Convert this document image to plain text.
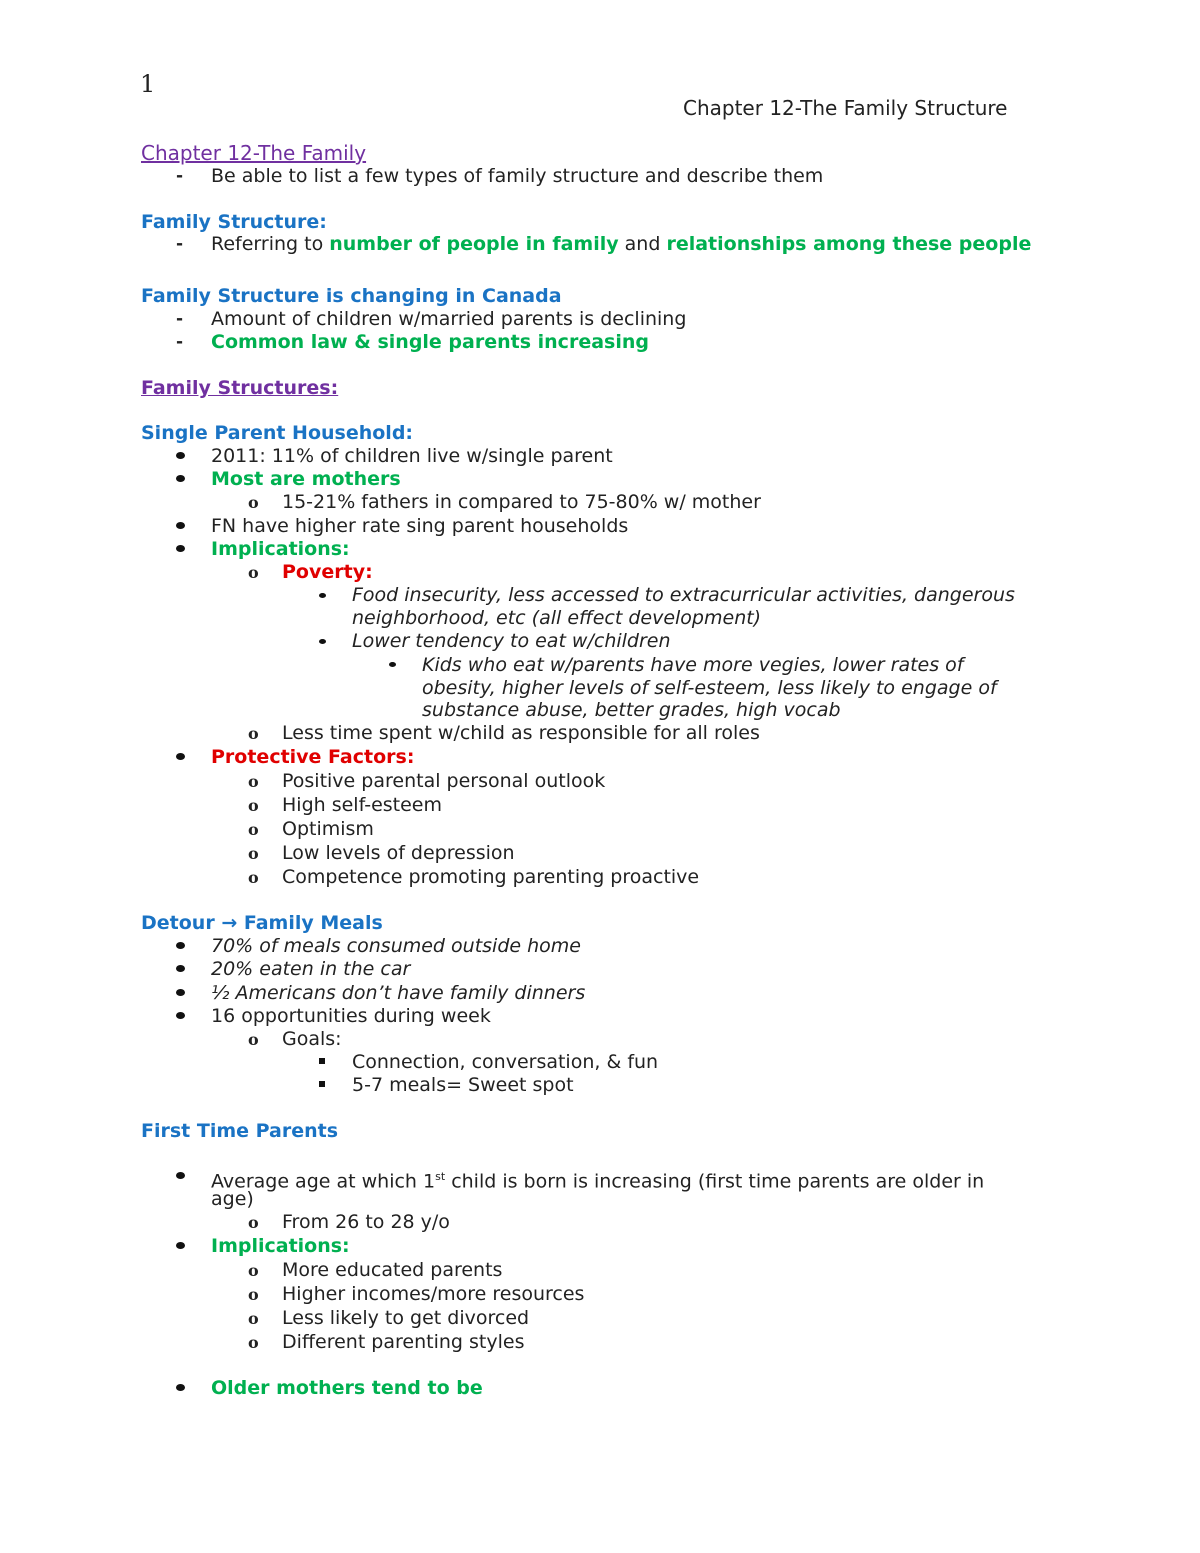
1
Chapter 12-The Family Structure
Chapter 12-The Family
- Be able to list a few types of family structure and describe them
Family Structure:
- Referring to number of people in family and relationships among these people
Family Structure is changing in Canada
- Amount of children w/married parents is declining
- Common law & single parents increasing
Family Structures:
Single Parent Household:
2011: 11% of children live w/single parent
Most are mothers
o 15-21% fathers in compared to 75-80% w/ mother
FN have higher rate sing parent households
Implications:
o Poverty:
Food insecurity, less accessed to extracurricular activities, dangerous
neighborhood, etc (all effect development)
Lower tendency to eat w/children
Kids who eat w/parents have more vegies, lower rates of
obesity, higher levels of self-esteem, less likely to engage of
substance abuse, better grades, high vocab
o Less time spent w/child as responsible for all roles
Protective Factors:
o Positive parental personal outlook
o High self-esteem
o Optimism
o Low levels of depression
o Competence promoting parenting proactive
Detour → Family Meals
70% of meals consumed outside home
20% eaten in the car
½ Americans don’t have family dinners
16 opportunities during week
o Goals:
Connection, conversation, & fun
5-7 meals= Sweet spot
First Time Parents
Average age at which 1st child is born is increasing (first time parents are older in
age)
o From 26 to 28 y/o
Implications:
o More educated parents
o Higher incomes/more resources
o Less likely to get divorced
o Different parenting styles
Older mothers tend to be
